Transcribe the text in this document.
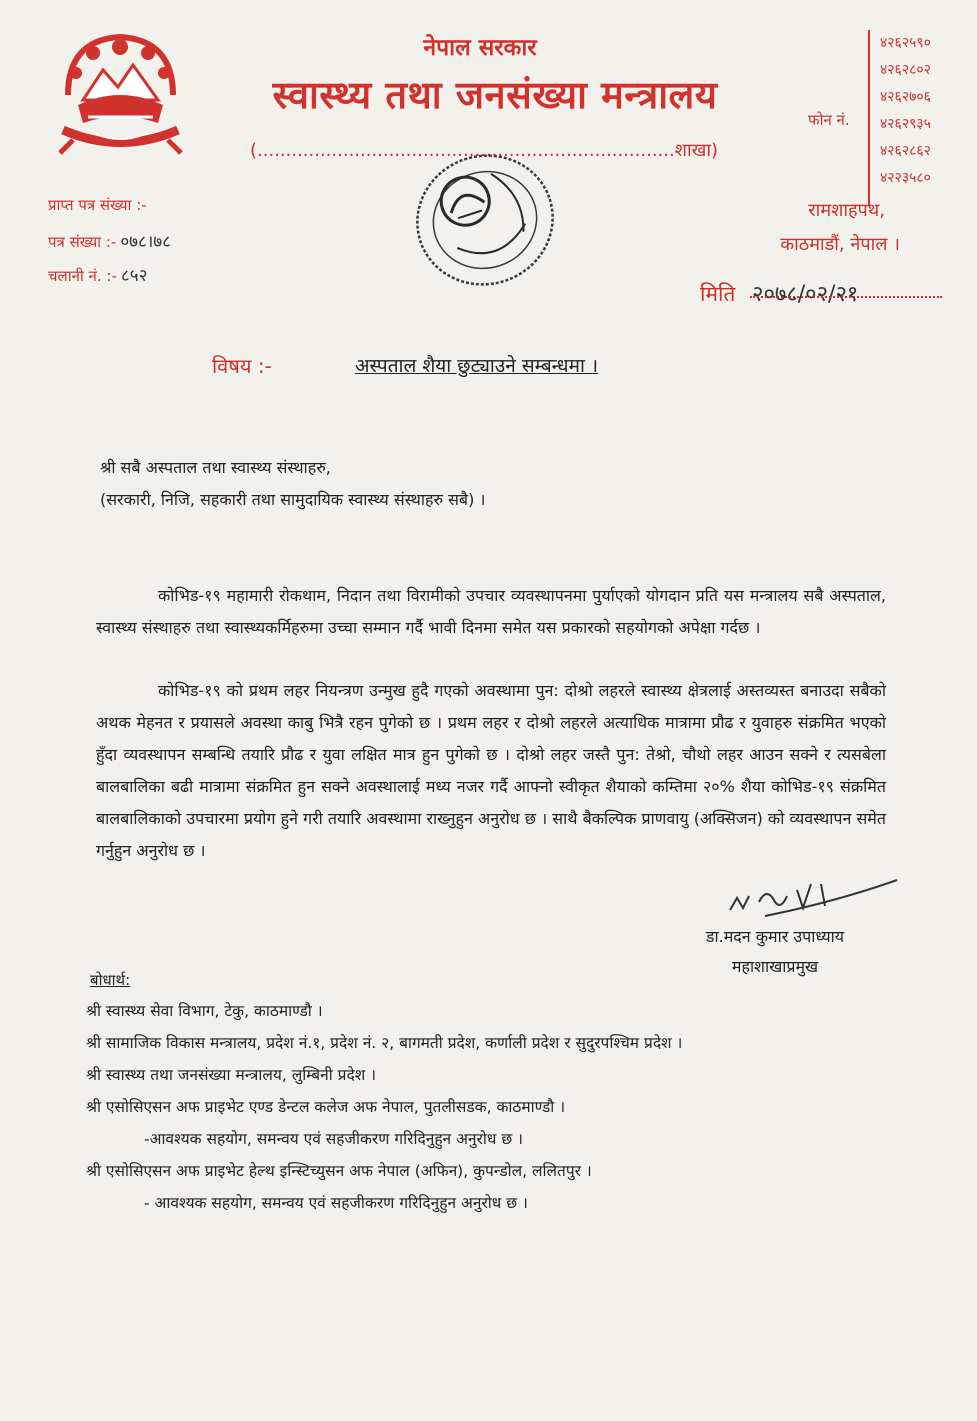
नेपाल सरकार
स्वास्थ्य तथा जनसंख्या मन्त्रालय
(.........................................................................शाखा)
फोन नं.
४२६२५९०
४२६२८०२
४२६२७०६
४२६२९३५
४२६२८६२
४२२३५८०
रामशाहपथ,
काठमाडौं, नेपाल ।
मिति २०७८/०२/२१
प्राप्त पत्र संख्या :-
पत्र संख्या :- ०७८।७८
चलानी नं. :- ८५२
विषय :-	अस्पताल शैया छुट्याउने सम्बन्धमा ।
श्री सबै अस्पताल तथा स्वास्थ्य संस्थाहरु,
(सरकारी, निजि, सहकारी तथा सामुदायिक स्वास्थ्य संस्थाहरु सबै) ।
कोभिड-१९ महामारी रोकथाम, निदान तथा विरामीको उपचार व्यवस्थापनमा पुर्याएको योगदान प्रति यस मन्त्रालय सबै अस्पताल, स्वास्थ्य संस्थाहरु तथा स्वास्थ्यकर्मिहरुमा उच्चा सम्मान गर्दै भावी दिनमा समेत यस प्रकारको सहयोगको अपेक्षा गर्दछ ।
कोभिड-१९ को प्रथम लहर नियन्त्रण उन्मुख हुदै गएको अवस्थामा पुन: दोश्रो लहरले स्वास्थ्य क्षेत्रलाई अस्तव्यस्त बनाउदा सबैको अथक मेहनत र प्रयासले अवस्था काबु भित्रै रहन पुगेको छ । प्रथम लहर र दोश्रो लहरले अत्याधिक मात्रामा प्रौढ र युवाहरु संक्रमित भएको हुँदा व्यवस्थापन सम्बन्धि तयारि प्रौढ र युवा लक्षित मात्र हुन पुगेको छ । दोश्रो लहर जस्तै पुन: तेश्रो, चौथो लहर आउन सक्ने र त्यसबेला बालबालिका बढी मात्रामा संक्रमित हुन सक्ने अवस्थालाई मध्य नजर गर्दै आफ्नो स्वीकृत शैयाको कम्तिमा २०% शैया कोभिड-१९ संक्रमित बालबालिकाको उपचारमा प्रयोग हुने गरी तयारि अवस्थामा राख्नुहुन अनुरोध छ । साथै बैकल्पिक प्राणवायु (अक्सिजन) को व्यवस्थापन समेत गर्नुहुन अनुरोध छ ।
डा.मदन कुमार उपाध्याय
महाशाखाप्रमुख
बोधार्थ:
श्री स्वास्थ्य सेवा विभाग, टेकु, काठमाण्डौ ।
श्री सामाजिक विकास मन्त्रालय, प्रदेश नं.१, प्रदेश नं. २, बागमती प्रदेश, कर्णाली प्रदेश र सुदुरपश्चिम प्रदेश ।
श्री स्वास्थ्य तथा जनसंख्या मन्त्रालय, लुम्बिनी प्रदेश ।
श्री एसोसिएसन अफ प्राइभेट एण्ड डेन्टल कलेज अफ नेपाल, पुतलीसडक, काठमाण्डौ ।
-आवश्यक सहयोग, समन्वय एवं सहजीकरण गरिदिनुहुन अनुरोध छ ।
श्री एसोसिएसन अफ प्राइभेट हेल्थ इन्स्टिच्युसन अफ नेपाल (अफिन), कुपन्डोल, ललितपुर ।
- आवश्यक सहयोग, समन्वय एवं सहजीकरण गरिदिनुहुन अनुरोध छ ।
